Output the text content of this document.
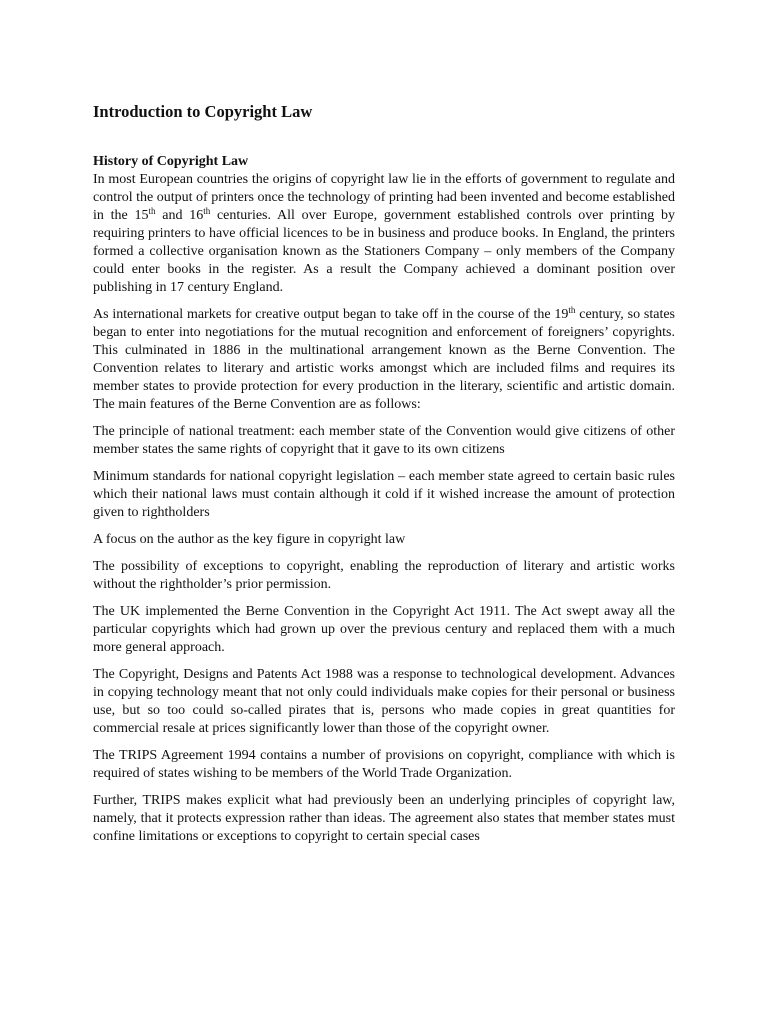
Introduction to Copyright Law
History of Copyright Law

In most European countries the origins of copyright law lie in the efforts of government to regulate and control the output of printers once the technology of printing had been invented and become established in the 15th and 16th centuries. All over Europe, government established controls over printing by requiring printers to have official licences to be in business and produce books. In England, the printers formed a collective organisation known as the Stationers Company – only members of the Company could enter books in the register. As a result the Company achieved a dominant position over publishing in 17 century England.

As international markets for creative output began to take off in the course of the 19th century, so states began to enter into negotiations for the mutual recognition and enforcement of foreigners’ copyrights. This culminated in 1886 in the multinational arrangement known as the Berne Convention. The Convention relates to literary and artistic works amongst which are included films and requires its member states to provide protection for every production in the literary, scientific and artistic domain. The main features of the Berne Convention are as follows:

The principle of national treatment: each member state of the Convention would give citizens of other member states the same rights of copyright that it gave to its own citizens

Minimum standards for national copyright legislation – each member state agreed to certain basic rules which their national laws must contain although it cold if it wished increase the amount of protection given to rightholders

A focus on the author as the key figure in copyright law

The possibility of exceptions to copyright, enabling the reproduction of literary and artistic works without the rightholder’s prior permission.

The UK implemented the Berne Convention in the Copyright Act 1911. The Act swept away all the particular copyrights which had grown up over the previous century and replaced them with a much more general approach.

The Copyright, Designs and Patents Act 1988 was a response to technological development. Advances in copying technology meant that not only could individuals make copies for their personal or business use, but so too could so-called pirates that is, persons who made copies in great quantities for commercial resale at prices significantly lower than those of the copyright owner.

The TRIPS Agreement 1994 contains a number of provisions on copyright, compliance with which is required of states wishing to be members of the World Trade Organization.

Further, TRIPS makes explicit what had previously been an underlying principles of copyright law, namely, that it protects expression rather than ideas. The agreement also states that member states must confine limitations or exceptions to copyright to certain special cases
